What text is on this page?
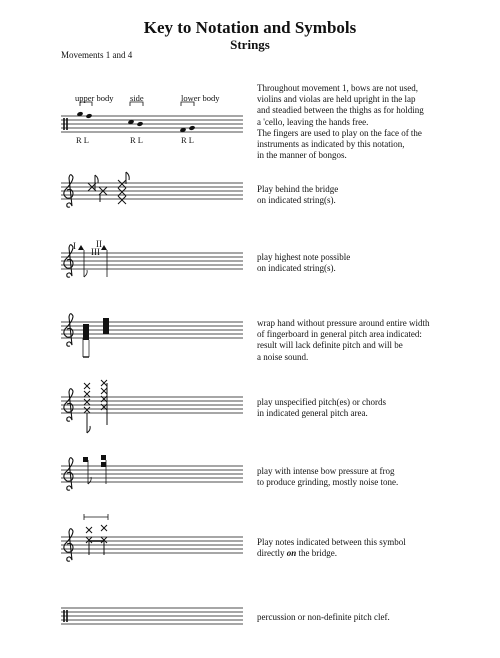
Key to Notation and Symbols
Strings
Movements 1 and 4
upper body side	lower body
R L	R L	R L
I II
III
Throughout movement 1, bows are not used,
violins and violas are held upright in the lap
and steadied between the thighs as for holding
a 'cello, leaving the hands free.
The fingers are used to play on the face of the
instruments as indicated by this notation,
in the manner of bongos.
Play behind the bridge
on indicated string(s).
play highest note possible
on indicated string(s).
wrap hand without pressure around entire width
of fingerboard in general pitch area indicated:
result will lack definite pitch and will be
a noise sound.
play unspecified pitch(es) or chords
in indicated general pitch area.
play with intense bow pressure at frog
to produce grinding, mostly noise tone.
Play notes indicated between this symbol
directly on the bridge.
percussion or non-definite pitch clef.
